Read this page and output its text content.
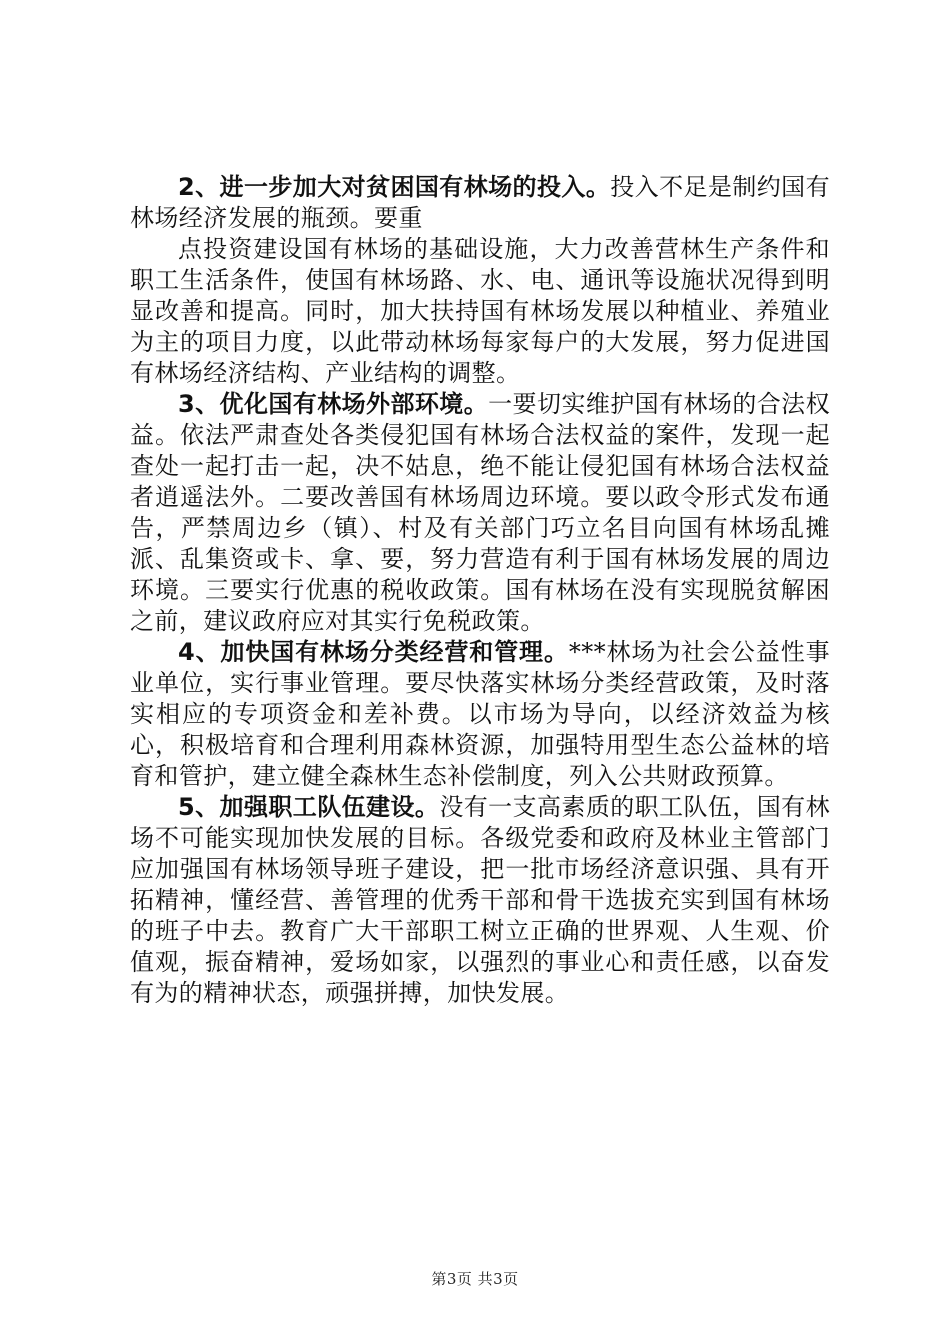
2、进一步加大对贫困国有林场的投入。投入不足是制约国有林场经济发展的瓶颈。要重

点投资建设国有林场的基础设施，大力改善营林生产条件和职工生活条件，使国有林场路、水、电、通讯等设施状况得到明显改善和提高。同时，加大扶持国有林场发展以种植业、养殖业为主的项目力度，以此带动林场每家每户的大发展，努力促进国有林场经济结构、产业结构的调整。

3、优化国有林场外部环境。一要切实维护国有林场的合法权益。依法严肃查处各类侵犯国有林场合法权益的案件，发现一起查处一起打击一起，决不姑息，绝不能让侵犯国有林场合法权益者逍遥法外。二要改善国有林场周边环境。要以政令形式发布通告，严禁周边乡（镇）、村及有关部门巧立名目向国有林场乱摊派、乱集资或卡、拿、要，努力营造有利于国有林场发展的周边环境。三要实行优惠的税收政策。国有林场在没有实现脱贫解困之前，建议政府应对其实行免税政策。

4、加快国有林场分类经营和管理。***林场为社会公益性事业单位，实行事业管理。要尽快落实林场分类经营政策，及时落实相应的专项资金和差补费。以市场为导向，以经济效益为核心，积极培育和合理利用森林资源，加强特用型生态公益林的培育和管护，建立健全森林生态补偿制度，列入公共财政预算。

5、加强职工队伍建设。没有一支高素质的职工队伍，国有林场不可能实现加快发展的目标。各级党委和政府及林业主管部门应加强国有林场领导班子建设，把一批市场经济意识强、具有开拓精神，懂经营、善管理的优秀干部和骨干选拔充实到国有林场的班子中去。教育广大干部职工树立正确的世界观、人生观、价值观，振奋精神，爱场如家，以强烈的事业心和责任感，以奋发有为的精神状态，顽强拼搏，加快发展。

第3页 共3页
